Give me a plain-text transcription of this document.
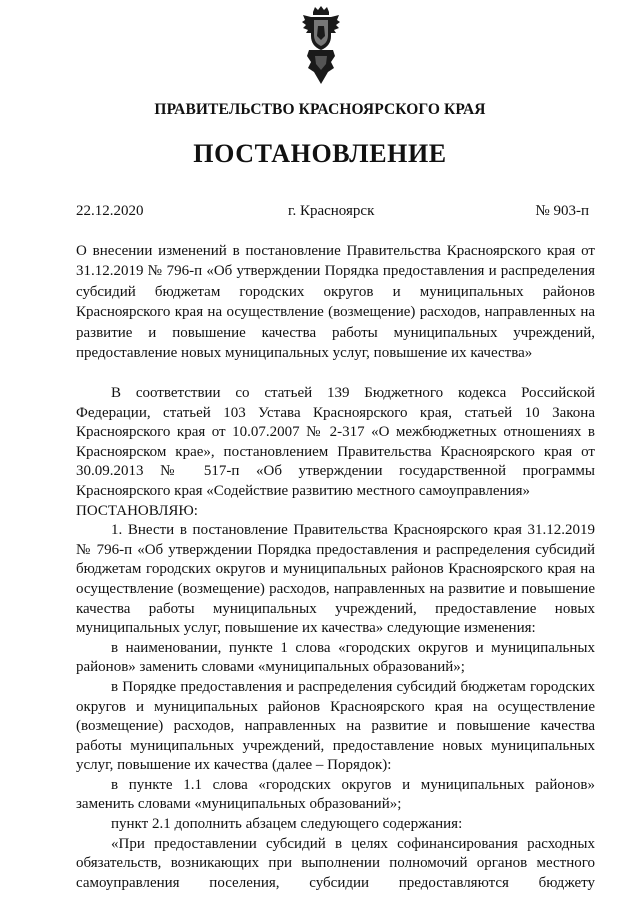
ПРАВИТЕЛЬСТВО КРАСНОЯРСКОГО КРАЯ
ПОСТАНОВЛЕНИЕ
22.12.2020	г. Красноярск	№ 903-п
О внесении изменений в постановление Правительства Красноярского края от 31.12.2019 № 796-п «Об утверждении Порядка предоставления и распределения субсидий бюджетам городских округов и муниципальных районов Красноярского края на осуществление (возмещение) расходов, направленных на развитие и повышение качества работы муниципальных учреждений, предоставление новых муниципальных услуг, повышение их качества»

В соответствии со статьей 139 Бюджетного кодекса Российской Федерации, статьей 103 Устава Красноярского края, статьей 10 Закона Красноярского края от 10.07.2007 № 2-317 «О межбюджетных отношениях в Красноярском крае», постановлением Правительства Красноярского края от 30.09.2013 № 517-п «Об утверждении государственной программы Красноярского края «Содействие развитию местного самоуправления»

ПОСТАНОВЛЯЮ:

1. Внести в постановление Правительства Красноярского края 31.12.2019 № 796-п «Об утверждении Порядка предоставления и распределения субсидий бюджетам городских округов и муниципальных районов Красноярского края на осуществление (возмещение) расходов, направленных на развитие и повышение качества работы муниципальных учреждений, предоставление новых муниципальных услуг, повышение их качества» следующие изменения:

в наименовании, пункте 1 слова «городских округов и муниципальных районов» заменить словами «муниципальных образований»;

в Порядке предоставления и распределения субсидий бюджетам городских округов и муниципальных районов Красноярского края на осуществление (возмещение) расходов, направленных на развитие и повышение качества работы муниципальных учреждений, предоставление новых муниципальных услуг, повышение их качества (далее – Порядок):

в пункте 1.1 слова «городских округов и муниципальных районов» заменить словами «муниципальных образований»;

пункт 2.1 дополнить абзацем следующего содержания:

«При предоставлении субсидий в целях софинансирования расходных обязательств, возникающих при выполнении полномочий органов местного самоуправления поселения, субсидии предоставляются бюджету
